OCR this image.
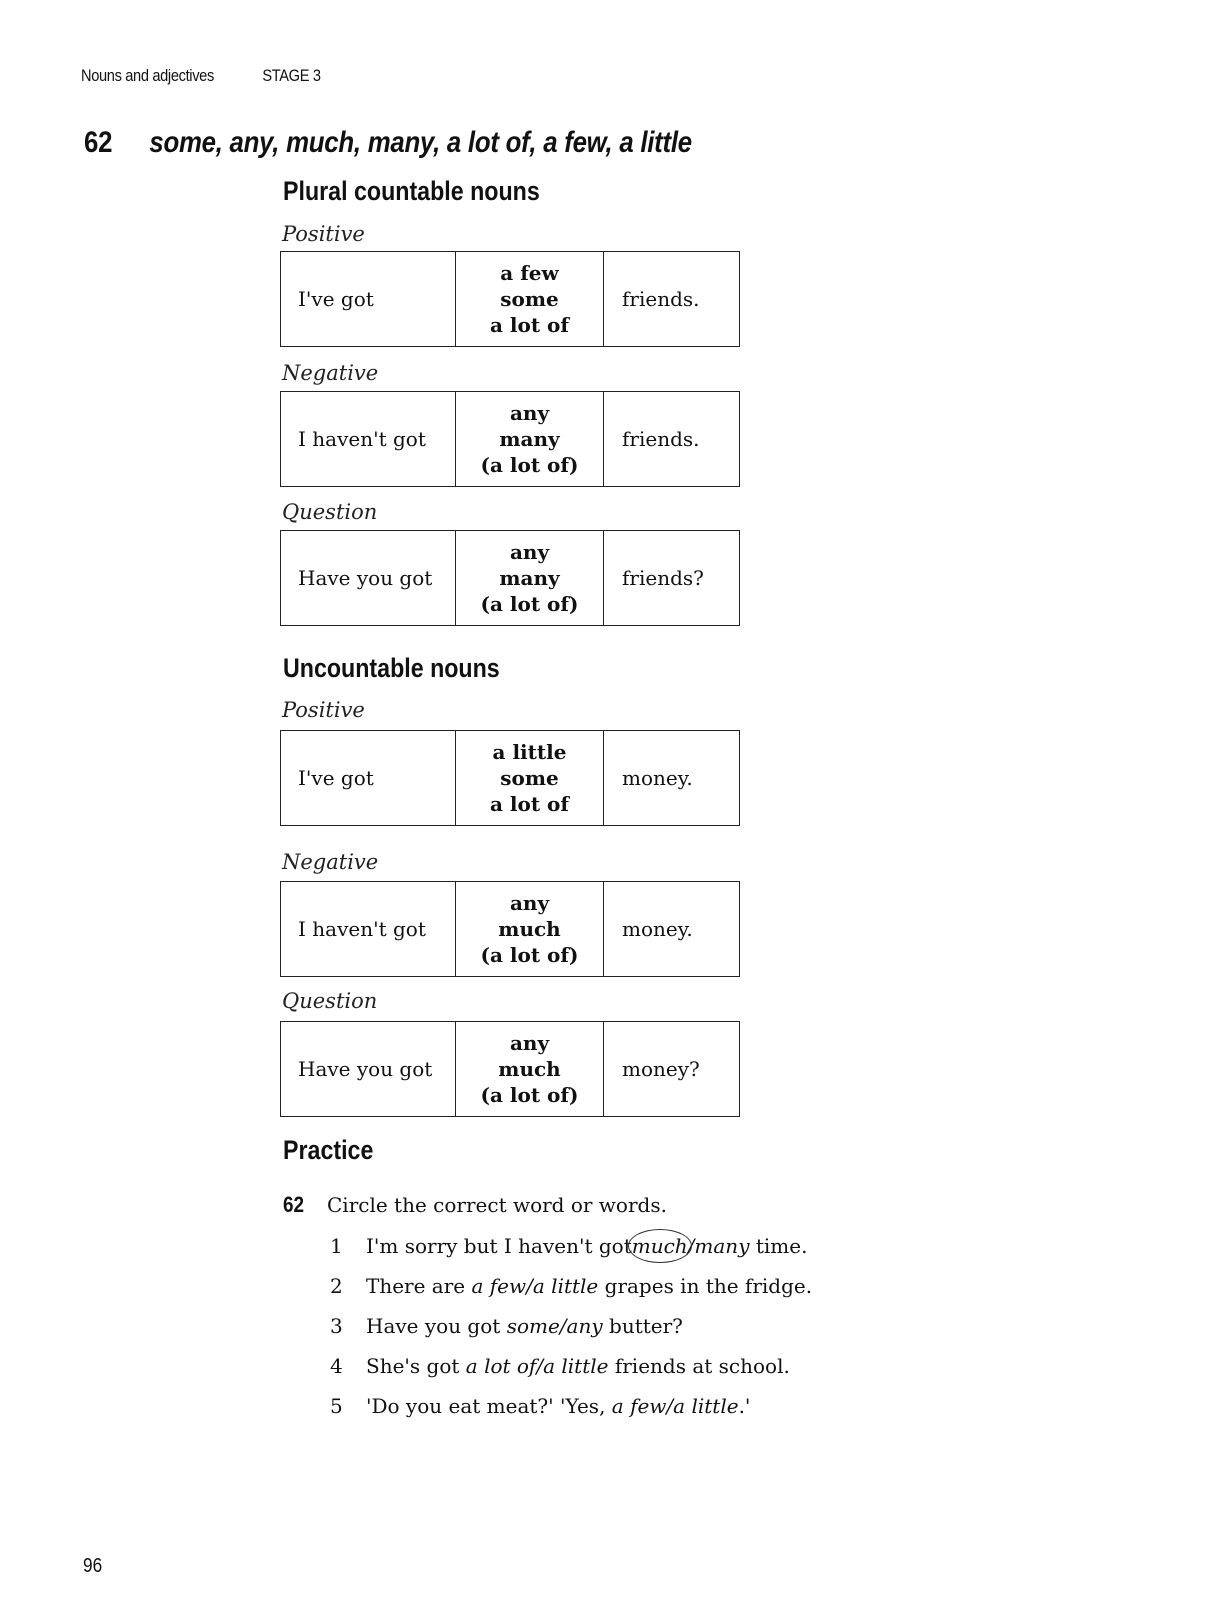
Nouns and adjectives	STAGE 3
62 some, any, much, many, a lot of, a few, a little
Plural countable nouns
Positive
I've got
a few
some
a lot of
friends.
Negative
I haven't got
any
many
(a lot of)
friends.
Question
Have you got
any
many
(a lot of)
friends?
Uncountable nouns
Positive
I've got
a little
some
a lot of
money.
Negative
I haven't got
any
much
(a lot of)
money.
Question
Have you got
any
much
(a lot of)
money?
Practice
62 Circle the correct word or words.
1 I'm sorry but I haven't gotmuch/many time.
2 There are a few/a little grapes in the fridge.
3 Have you got some/any butter?
4 She's got a lot of/a little friends at school.
5 'Do you eat meat?' 'Yes, a few/a little.'
96
